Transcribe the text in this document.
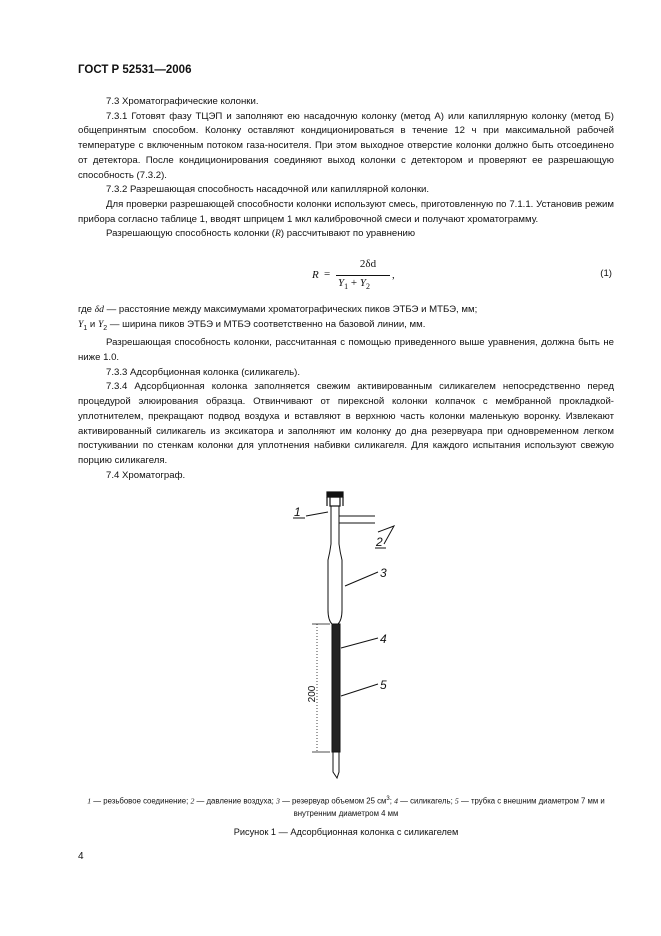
ГОСТ Р 52531—2006

7.3 Хроматографические колонки.

7.3.1 Готовят фазу ТЦЭП и заполняют ею насадочную колонку (метод А) или капиллярную колонку (метод Б) общепринятым способом. Колонку оставляют кондиционироваться в течение 12 ч при максимальной рабочей температуре с включенным потоком газа-носителя. При этом выходное отверстие колонки должно быть отсоединено от детектора. После кондиционирования соединяют выход колонки с детектором и проверяют ее разрешающую способность (7.3.2).

7.3.2 Разрешающая способность насадочной или капиллярной колонки.

Для проверки разрешающей способности колонки используют смесь, приготовленную по 7.1.1. Установив режим прибора согласно таблице 1, вводят шприцем 1 мкл калибровочной смеси и получают хроматограмму.

Разрешающую способность колонки (R) рассчитывают по уравнению

R =
2δd
$Y_1 + Y_2$
,	(1)

где δd — расстояние между максимумами хроматографических пиков ЭТБЭ и МТБЭ, мм;

$Y_1$ и $Y_2$ — ширина пиков ЭТБЭ и МТБЭ соответственно на базовой линии, мм.

Разрешающая способность колонки, рассчитанная с помощью приведенного выше уравнения, должна быть не ниже 1.0.

7.3.3 Адсорбционная колонка (силикагель).

7.3.4 Адсорбционная колонка заполняется свежим активированным силикагелем непосредственно перед процедурой элюирования образца. Отвинчивают от пирексной колонки колпачок с мембранной прокладкой-уплотнителем, прекращают подвод воздуха и вставляют в верхнюю часть колонки маленькую воронку. Извлекают активированный силикагель из эксикатора и заполняют им колонку до дна резервуара при одновременном легком постукивании по стенкам колонки для уплотнения набивки силикагеля. Для каждого испытания используют свежую порцию силикагеля.

7.4 Хроматограф.

200
1
2
3
4
5
1 — резьбовое соединение; 2 — давление воздуха; 3 — резервуар объемом 25 $см^3$; 4 — силикагель; 5 — трубка с внешним диаметром 7 мм и внутренним диаметром 4 мм
Рисунок 1 — Адсорбционная колонка с силикагелем
4
